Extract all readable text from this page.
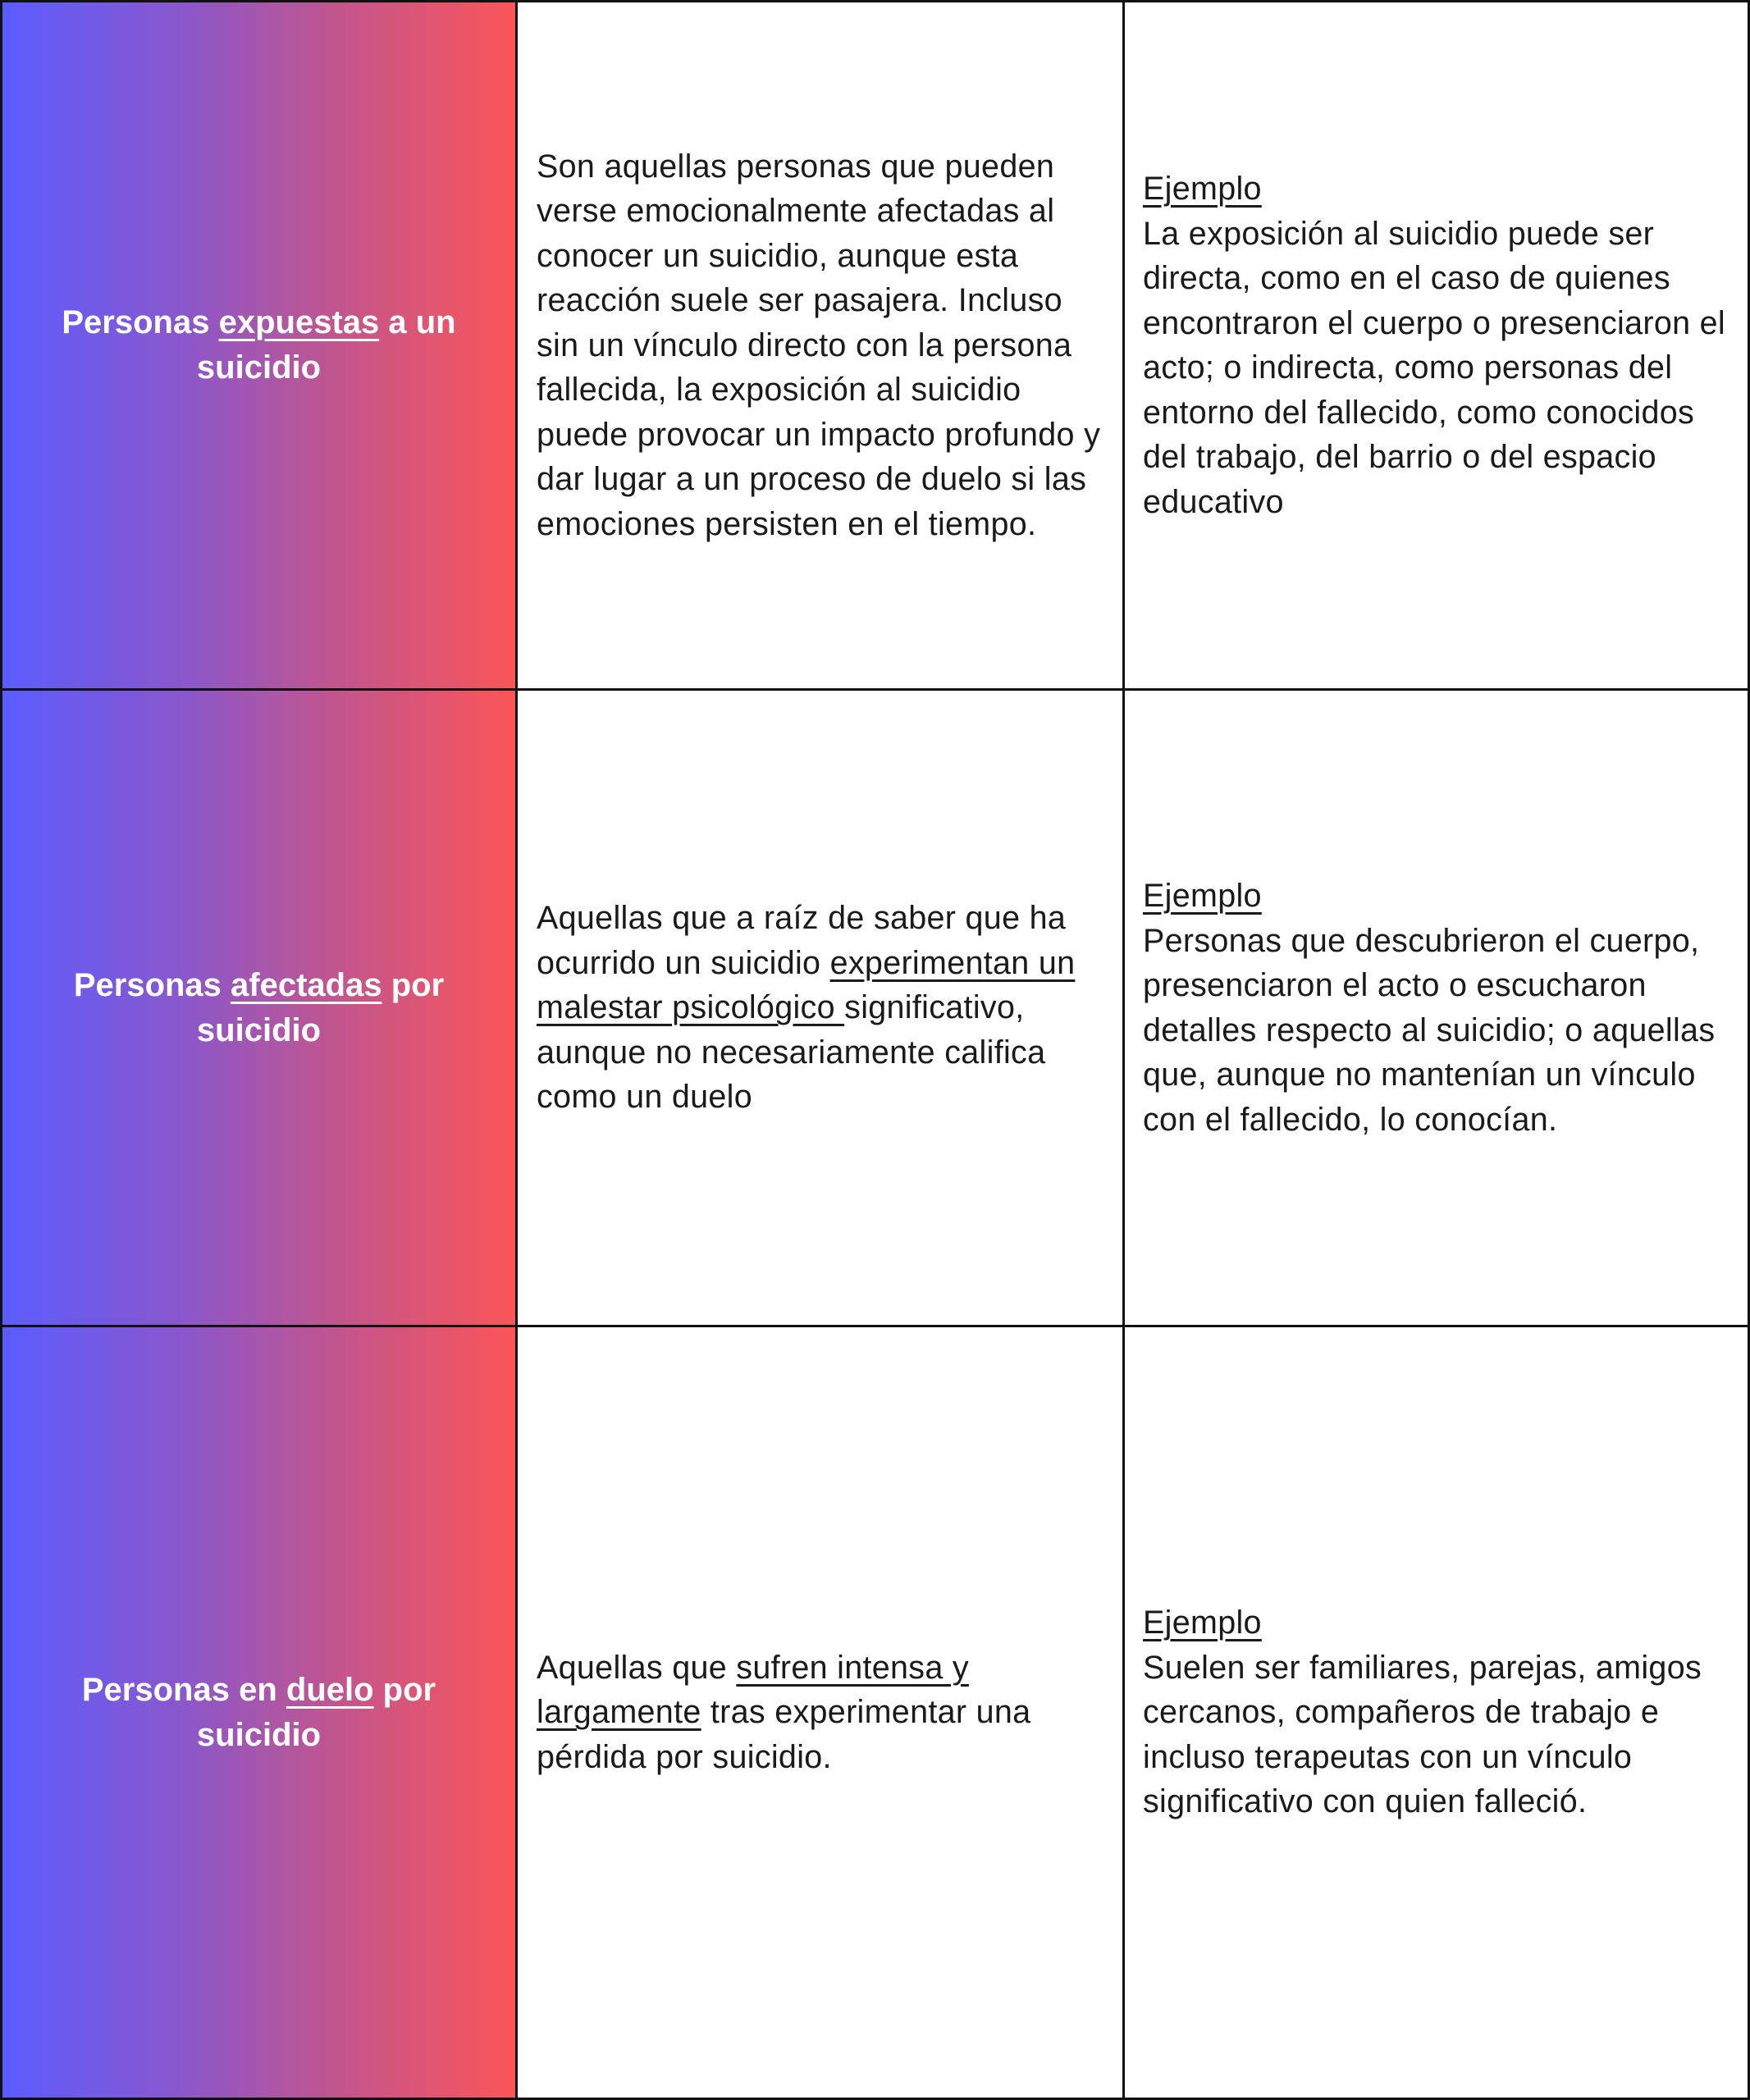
Personas expuestas a un suicidio
Son aquellas personas que pueden verse emocionalmente afectadas al conocer un suicidio, aunque esta reacción suele ser pasajera. Incluso sin un vínculo directo con la persona fallecida, la exposición al suicidio puede provocar un impacto profundo y dar lugar a un proceso de duelo si las emociones persisten en el tiempo.
Ejemplo
La exposición al suicidio puede ser directa, como en el caso de quienes encontraron el cuerpo o presenciaron el acto; o indirecta, como personas del entorno del fallecido, como conocidos del trabajo, del barrio o del espacio educativo
Personas afectadas por suicidio
Aquellas que a raíz de saber que ha ocurrido un suicidio experimentan un malestar psicológico significativo, aunque no necesariamente califica como un duelo
Ejemplo
Personas que descubrieron el cuerpo, presenciaron el acto o escucharon detalles respecto al suicidio; o aquellas que, aunque no mantenían un vínculo con el fallecido, lo conocían.
Personas en duelo por suicidio
Aquellas que sufren intensa y largamente tras experimentar una pérdida por suicidio.
Ejemplo
Suelen ser familiares, parejas, amigos cercanos, compañeros de trabajo e incluso terapeutas con un vínculo significativo con quien falleció.
